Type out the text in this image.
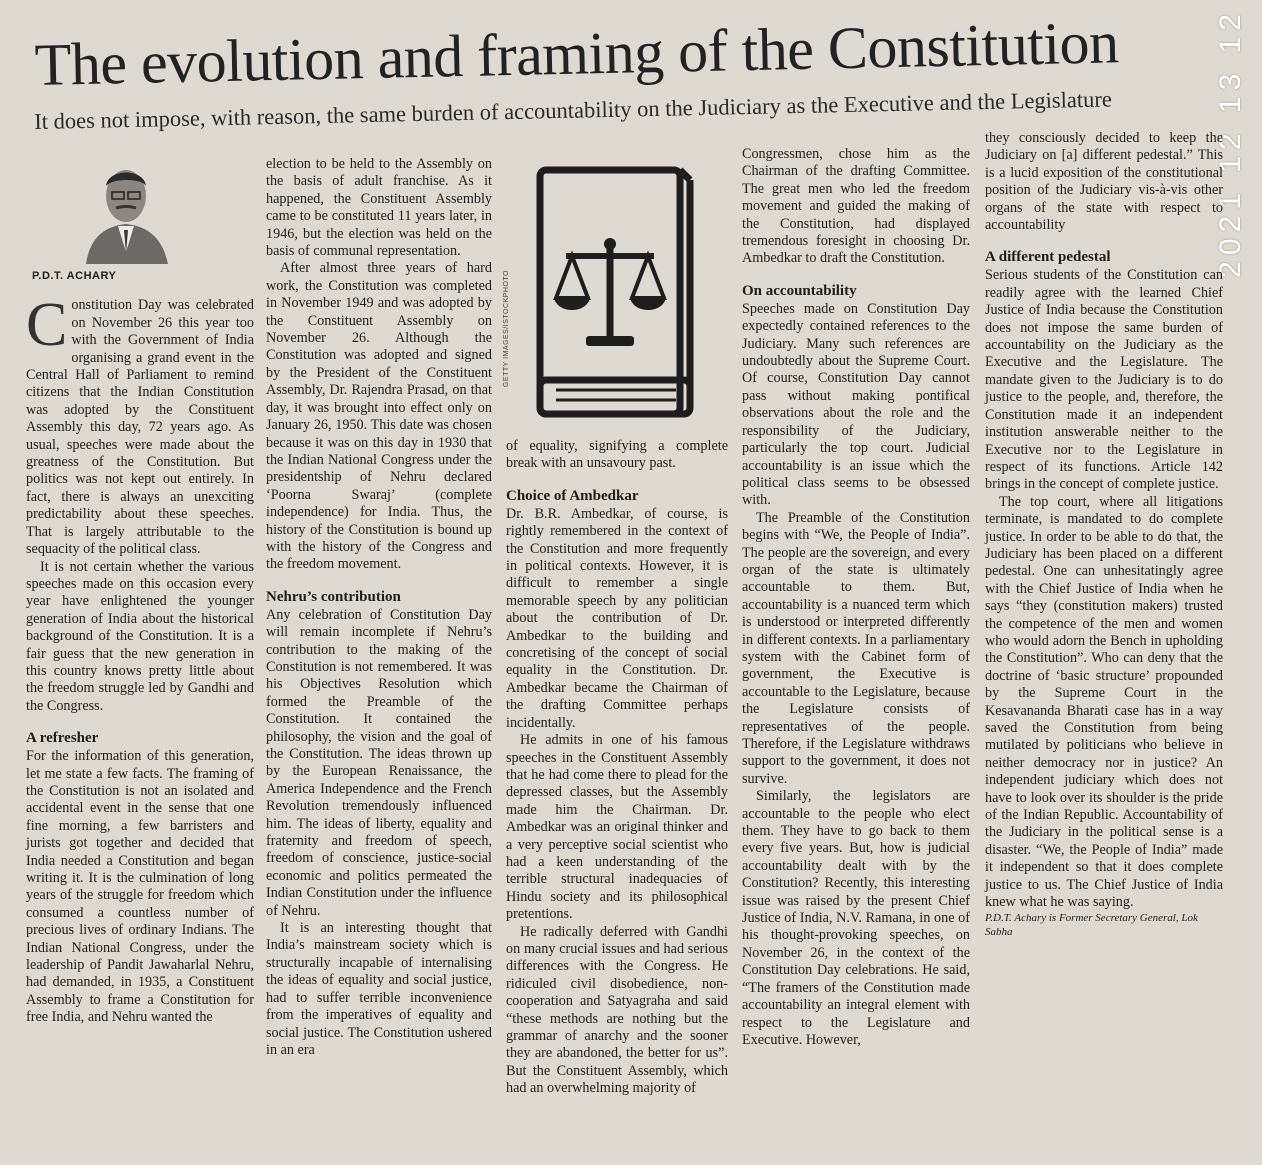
The evolution and framing of the Constitution
It does not impose, with reason, the same burden of accountability on the Judiciary as the Executive and the Legislature	2021 12 13 12
P.D.T. ACHARY

Constitution Day was celebrated on November 26 this year too with the Government of India organising a grand event in the Central Hall of Parliament to remind citizens that the Indian Constitution was adopted by the Constituent Assembly this day, 72 years ago. As usual, speeches were made about the greatness of the Constitution. But politics was not kept out entirely. In fact, there is always an unexciting predictability about these speeches. That is largely attributable to the sequacity of the political class.

It is not certain whether the various speeches made on this occasion every year have enlightened the younger generation of India about the historical background of the Constitution. It is a fair guess that the new generation in this country knows pretty little about the freedom struggle led by Gandhi and the Congress.

A refresher

For the information of this generation, let me state a few facts. The framing of the Constitution is not an isolated and accidental event in the sense that one fine morning, a few barristers and jurists got together and decided that India needed a Constitution and began writing it. It is the culmination of long years of the struggle for freedom which consumed a countless number of precious lives of ordinary Indians. The Indian National Congress, under the leadership of Pandit Jawaharlal Nehru, had demanded, in 1935, a Constituent Assembly to frame a Constitution for free India, and Nehru wanted the

election to be held to the Assembly on the basis of adult franchise. As it happened, the Constituent Assembly came to be constituted 11 years later, in 1946, but the election was held on the basis of communal representation.

After almost three years of hard work, the Constitution was completed in November 1949 and was adopted by the Constituent Assembly on November 26. Although the Constitution was adopted and signed by the President of the Constituent Assembly, Dr. Rajendra Prasad, on that day, it was brought into effect only on January 26, 1950. This date was chosen because it was on this day in 1930 that the Indian National Congress under the presidentship of Nehru declared ‘Poorna Swaraj’ (complete independence) for India. Thus, the history of the Constitution is bound up with the history of the Congress and the freedom movement.

Nehru’s contribution

Any celebration of Constitution Day will remain incomplete if Nehru’s contribution to the making of the Constitution is not remembered. It was his Objectives Resolution which formed the Preamble of the Constitution. It contained the philosophy, the vision and the goal of the Constitution. The ideas thrown up by the European Renaissance, the America Independence and the French Revolution tremendously influenced him. The ideas of liberty, equality and fraternity and freedom of speech, freedom of conscience, justice-social economic and politics permeated the Indian Constitution under the influence of Nehru.

It is an interesting thought that India’s mainstream society which is structurally incapable of internalising the ideas of equality and social justice, had to suffer terrible inconvenience from the imperatives of equality and social justice. The Constitution ushered in an era

GETTY IMAGES/ISTOCKPHOTO

of equality, signifying a complete break with an unsavoury past.

Choice of Ambedkar

Dr. B.R. Ambedkar, of course, is rightly remembered in the context of the Constitution and more frequently in political contexts. However, it is difficult to remember a single memorable speech by any politician about the contribution of Dr. Ambedkar to the building and concretising of the concept of social equality in the Constitution. Dr. Ambedkar became the Chairman of the drafting Committee perhaps incidentally.

He admits in one of his famous speeches in the Constituent Assembly that he had come there to plead for the depressed classes, but the Assembly made him the Chairman. Dr. Ambedkar was an original thinker and a very perceptive social scientist who had a keen understanding of the terrible structural inadequacies of Hindu society and its philosophical pretentions.

He radically deferred with Gandhi on many crucial issues and had serious differences with the Congress. He ridiculed civil disobedience, non-cooperation and Satyagraha and said “these methods are nothing but the grammar of anarchy and the sooner they are abandoned, the better for us”. But the Constituent Assembly, which had an overwhelming majority of

Congressmen, chose him as the Chairman of the drafting Committee. The great men who led the freedom movement and guided the making of the Constitution, had displayed tremendous foresight in choosing Dr. Ambedkar to draft the Constitution.

On accountability

Speeches made on Constitution Day expectedly contained references to the Judiciary. Many such references are undoubtedly about the Supreme Court. Of course, Constitution Day cannot pass without making pontifical observations about the role and the responsibility of the Judiciary, particularly the top court. Judicial accountability is an issue which the political class seems to be obsessed with.

The Preamble of the Constitution begins with “We, the People of India”. The people are the sovereign, and every organ of the state is ultimately accountable to them. But, accountability is a nuanced term which is understood or interpreted differently in different contexts. In a parliamentary system with the Cabinet form of government, the Executive is accountable to the Legislature, because the Legislature consists of representatives of the people. Therefore, if the Legislature withdraws support to the government, it does not survive.

Similarly, the legislators are accountable to the people who elect them. They have to go back to them every five years. But, how is judicial accountability dealt with by the Constitution? Recently, this interesting issue was raised by the present Chief Justice of India, N.V. Ramana, in one of his thought-provoking speeches, on November 26, in the context of the Constitution Day celebrations. He said, “The framers of the Constitution made accountability an integral element with respect to the Legislature and Executive. However,

they consciously decided to keep the Judiciary on [a] different pedestal.” This is a lucid exposition of the constitutional position of the Judiciary vis-à-vis other organs of the state with respect to accountability

A different pedestal

Serious students of the Constitution can readily agree with the learned Chief Justice of India because the Constitution does not impose the same burden of accountability on the Judiciary as the Executive and the Legislature. The mandate given to the Judiciary is to do justice to the people, and, therefore, the Constitution made it an independent institution answerable neither to the Executive nor to the Legislature in respect of its functions. Article 142 brings in the concept of complete justice.

The top court, where all litigations terminate, is mandated to do complete justice. In order to be able to do that, the Judiciary has been placed on a different pedestal. One can unhesitatingly agree with the Chief Justice of India when he says “they (constitution makers) trusted the competence of the men and women who would adorn the Bench in upholding the Constitution”. Who can deny that the doctrine of ‘basic structure’ propounded by the Supreme Court in the Kesavananda Bharati case has in a way saved the Constitution from being mutilated by politicians who believe in neither democracy nor in justice? An independent judiciary which does not have to look over its shoulder is the pride of the Indian Republic. Accountability of the Judiciary in the political sense is a disaster. “We, the People of India” made it independent so that it does complete justice to us. The Chief Justice of India knew what he was saying.

P.D.T. Achary is Former Secretary General, Lok Sabha
